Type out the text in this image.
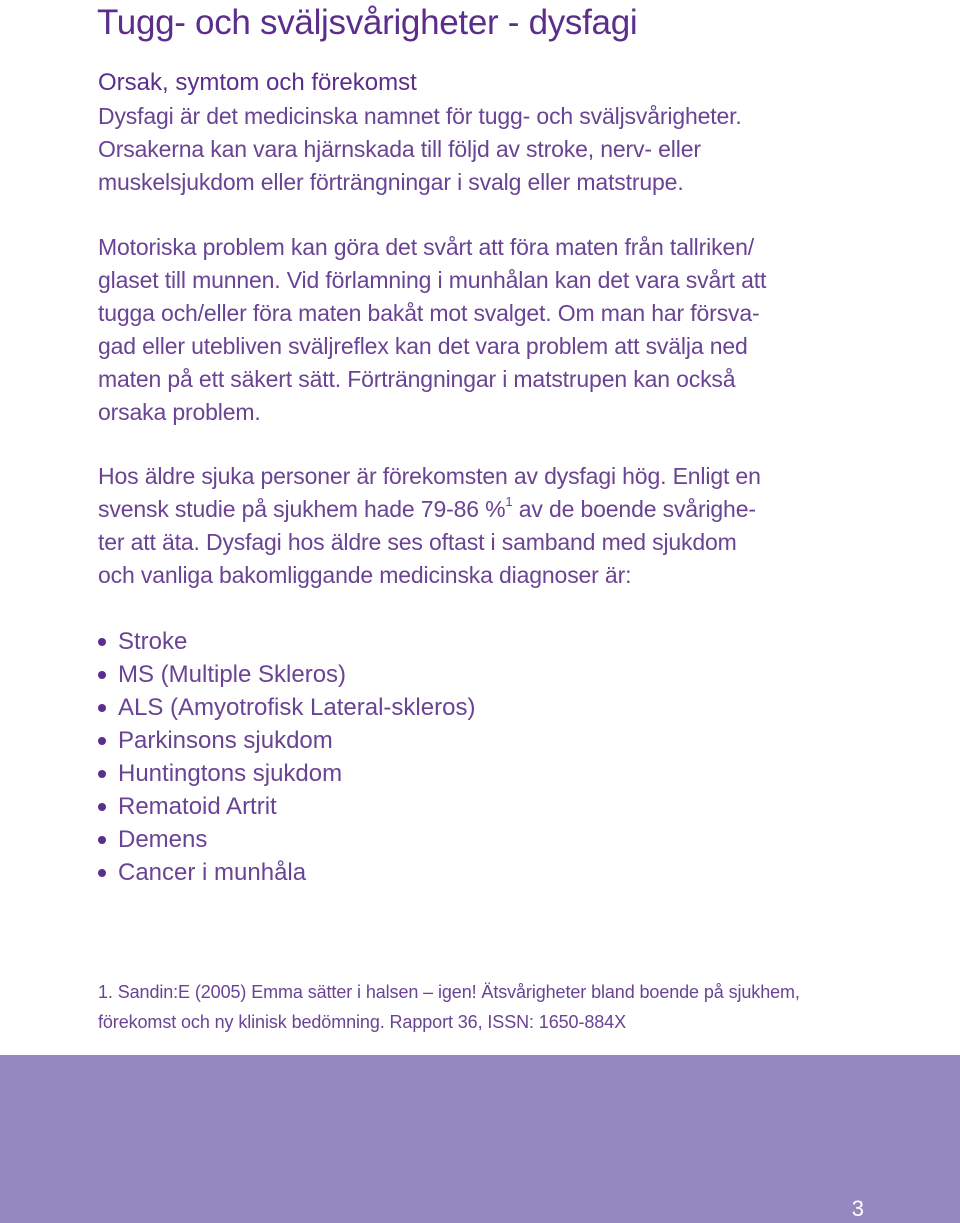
Tugg- och sväljsvårigheter - dysfagi
Orsak, symtom och förekomst

Dysfagi är det medicinska namnet för tugg- och sväljsvårigheter.
Orsakerna kan vara hjärnskada till följd av stroke, nerv- eller
muskelsjukdom eller förträngningar i svalg eller matstrupe.

Motoriska problem kan göra det svårt att föra maten från tallriken/
glaset till munnen. Vid förlamning i munhålan kan det vara svårt att
tugga och/eller föra maten bakåt mot svalget. Om man har försva-
gad eller utebliven sväljreflex kan det vara problem att svälja ned
maten på ett säkert sätt. Förträngningar i matstrupen kan också
orsaka problem.

Hos äldre sjuka personer är förekomsten av dysfagi hög. Enligt en
svensk studie på sjukhem hade 79-86 %$^1$ av de boende svårighe-
ter att äta. Dysfagi hos äldre ses oftast i samband med sjukdom
och vanliga bakomliggande medicinska diagnoser är:

Stroke
MS (Multiple Skleros)
ALS (Amyotrofisk Lateral-skleros)
Parkinsons sjukdom
Huntingtons sjukdom
Rematoid Artrit
Demens
Cancer i munhåla

1. Sandin:E (2005) Emma sätter i halsen – igen! Ätsvårigheter bland boende på sjukhem,
förekomst och ny klinisk bedömning. Rapport 36, ISSN: 1650-884X

3
